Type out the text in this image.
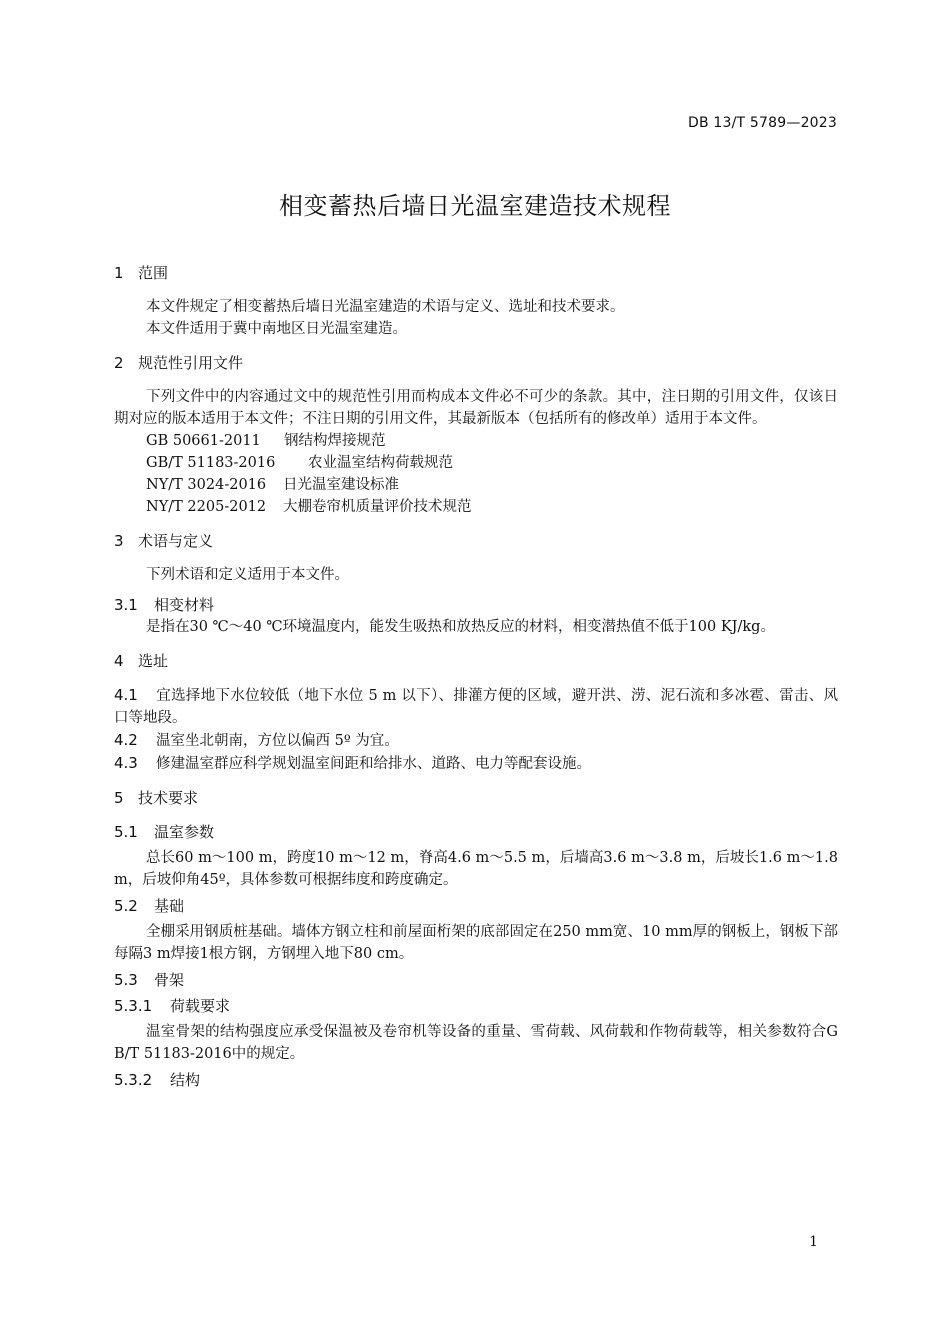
DB 13/T 5789—2023
相变蓄热后墙日光温室建造技术规程
1 范围
本文件规定了相变蓄热后墙日光温室建造的术语与定义、选址和技术要求。
本文件适用于冀中南地区日光温室建造。
2 规范性引用文件
下列文件中的内容通过文中的规范性引用而构成本文件必不可少的条款。其中，注日期的引用文件，仅该日期对应的版本适用于本文件；不注日期的引用文件，其最新版本（包括所有的修改单）适用于本文件。
GB 50661-2011 钢结构焊接规范
GB/T 51183-2016 农业温室结构荷载规范
NY/T 3024-2016 日光温室建设标准
NY/T 2205-2012 大棚卷帘机质量评价技术规范
3 术语与定义
下列术语和定义适用于本文件。
3.1 相变材料
是指在30 ℃～40 ℃环境温度内，能发生吸热和放热反应的材料，相变潜热值不低于100 KJ/kg。
4 选址
4.1 宜选择地下水位较低（地下水位 5 m 以下）、排灌方便的区域，避开洪、涝、泥石流和多冰雹、雷击、风口等地段。
4.2 温室坐北朝南，方位以偏西 5º 为宜。
4.3 修建温室群应科学规划温室间距和给排水、道路、电力等配套设施。
5 技术要求
5.1 温室参数
总长60 m～100 m，跨度10 m～12 m，脊高4.6 m～5.5 m，后墙高3.6 m～3.8 m，后坡长1.6 m～1.8 m，后坡仰角45º，具体参数可根据纬度和跨度确定。
5.2 基础
全棚采用钢质桩基础。墙体方钢立柱和前屋面桁架的底部固定在250 mm宽、10 mm厚的钢板上，钢板下部每隔3 m焊接1根方钢，方钢埋入地下80 cm。
5.3 骨架
5.3.1 荷载要求
温室骨架的结构强度应承受保温被及卷帘机等设备的重量、雪荷载、风荷载和作物荷载等，相关参数符合GB/T 51183-2016中的规定。
5.3.2 结构
1
